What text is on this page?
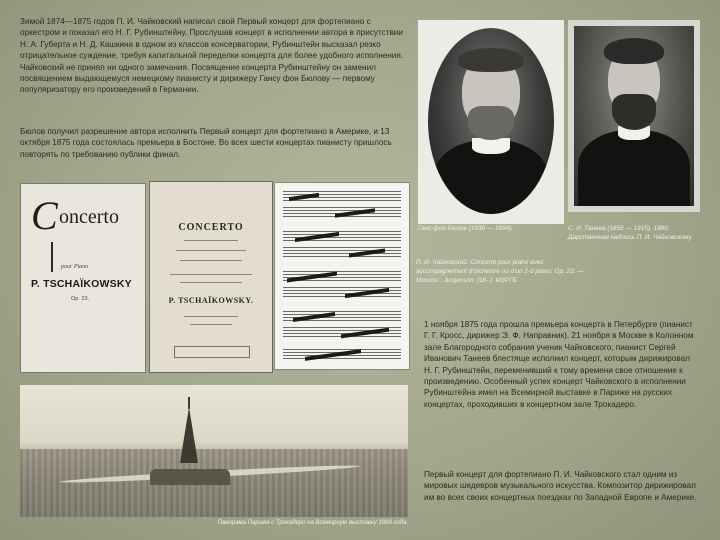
Зимой 1874—1875 годов П. И. Чайковский написал свой Первый концерт для фортепиано с оркестром и показал его Н. Г. Рубинштейну. Прослушав концерт в исполнении автора в присутствии Н. А. Губерта и Н. Д. Кашкина в одном из классов консерватории, Рубинштейн высказал резко отрицательное суждение, требуя капитальной переделки концерта для более удобного исполнения. Чайковский не принял ни одного замечания. Посвящение концерта Рубинштейну он заменил посвящением выдающемуся немецкому пианисту и дирижеру Гансу фон Бюлову — первому популяризатору его произведений в Германии.

Бюлов получил разрешение автора исполнить Первый концерт для фортепиано в Америке, и 13 октября 1875 года состоялась премьера в Бостоне. Во всех шести концертах пианисту пришлось повторять по требованию публики финал.

Ганс фон Бюлов (1830 — 1894).	С. И. Танеев (1856 — 1915). 1880. Дарственная надпись П. И. Чайковскому.

C oncerto
pour Piano
P. TSCHAÏKOWSKY
Op. 23.
CONCERTO
P. TSCHAÏKOWSKY.

П. И. Чайковский. Concerto pour piano avec accompagnement d'orchestre ou d'un 2-d piano. Op. 23. — Moscou : Jurgenson, [18--]. МЗРГБ

1 ноября 1875 года прошла премьера концерта в Петербурге (пианист Г. Г. Кросс, дирижер Э. Ф. Направник). 21 ноября в Москве в Колонном зале Благородного собрания ученик Чайковского, пианист Сергей Иванович Танеев блестяще исполнил концерт, которым дирижировал Н. Г. Рубинштейн, переменивший к тому времени свое отношение к произведению. Особенный успех концерт Чайковского в исполнении Рубинштейна имел на Всемирной выставке в Париже на русских концертах, проходивших в концертном зале Трокадеро.

Первый концерт для фортепиано П. И. Чайковского стал одним из мировых шедевров музыкального искусства. Композитор дирижировал им во всех своих концертных поездках по Западной Европе и Америке.

Панорама Парижа с Трокадеро на Всемирную выставку 1889 года.
